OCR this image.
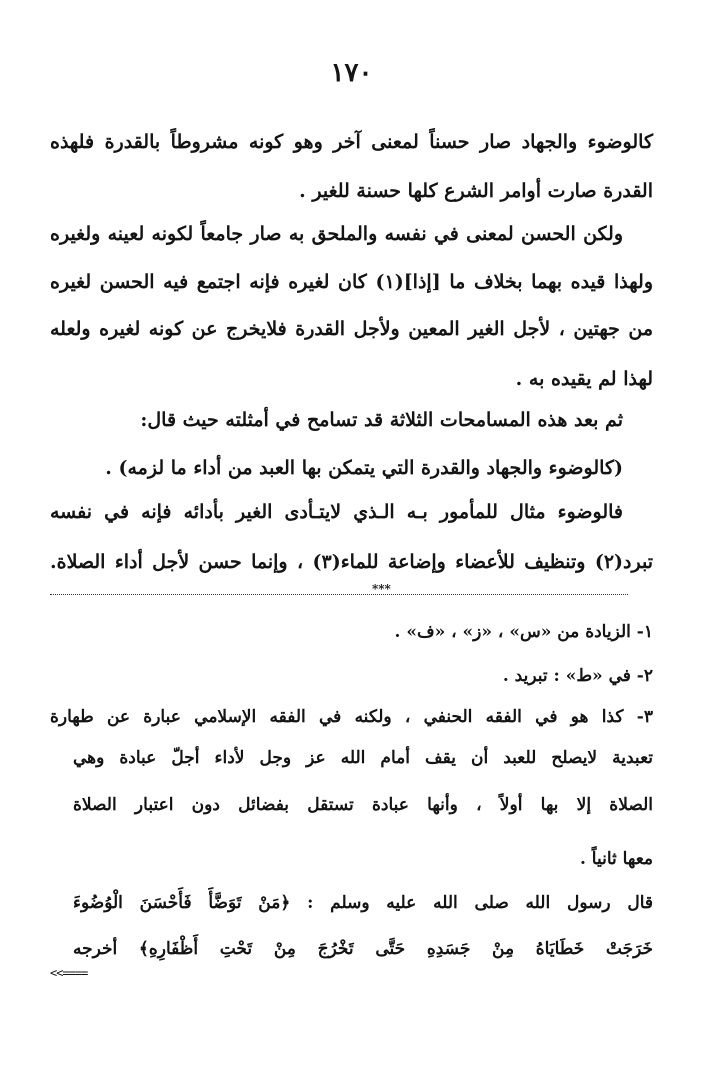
١٧٠

كالوضوء والجهاد صار حسناً لمعنى آخر وهو كونه مشروطاً بالقدرة فلهذه

القدرة صارت أوامر الشرع كلها حسنة للغير .

ولكن الحسن لمعنى في نفسه والملحق به صار جامعاً لكونه لعينه ولغيره

ولهذا قيده بهما بخلاف ما [إذا](١) كان لغيره فإنه اجتمع فيه الحسن لغيره

من جهتين ، لأجل الغير المعين ولأجل القدرة فلايخرج عن كونه لغيره ولعله

لهذا لم يقيده به .

ثم بعد هذه المسامحات الثلاثة قد تسامح في أمثلته حيث قال:

(كالوضوء والجهاد والقدرة التي يتمكن بها العبد من أداء ما لزمه) .

فالوضوء مثال للمأمور بـه الـذي لايتـأدى الغير بأدائه فإنه في نفسه

تبرد(٢) وتنظيف للأعضاء وإضاعة للماء(٣) ، وإنما حسن لأجل أداء الصلاة.

***

١- الزيادة من «س» ، «ز» ، «ف» .

٢- في «ط» : تبريد .

٣- كذا هو في الفقه الحنفي ، ولكنه في الفقه الإسلامي عبارة عن طهارة

تعبدية لايصلح للعبد أن يقف أمام الله عز وجل لأداء أجلّ عبادة وهي

الصلاة إلا بها أولاً ، وأنها عبادة تستقل بفضائل دون اعتبار الصلاة

معها ثانياً .

قال رسول الله صلى الله عليه وسلم : ﴿مَنْ تَوَضَّأَ فَأَحْسَنَ الْوُضُوءَ

خَرَجَتْ خَطَايَاهُ مِنْ جَسَدِهِ حَتَّى تَخْرُجَ مِنْ تَحْتِ أَظْفَارِهِ﴾ أخرجه

<<====
